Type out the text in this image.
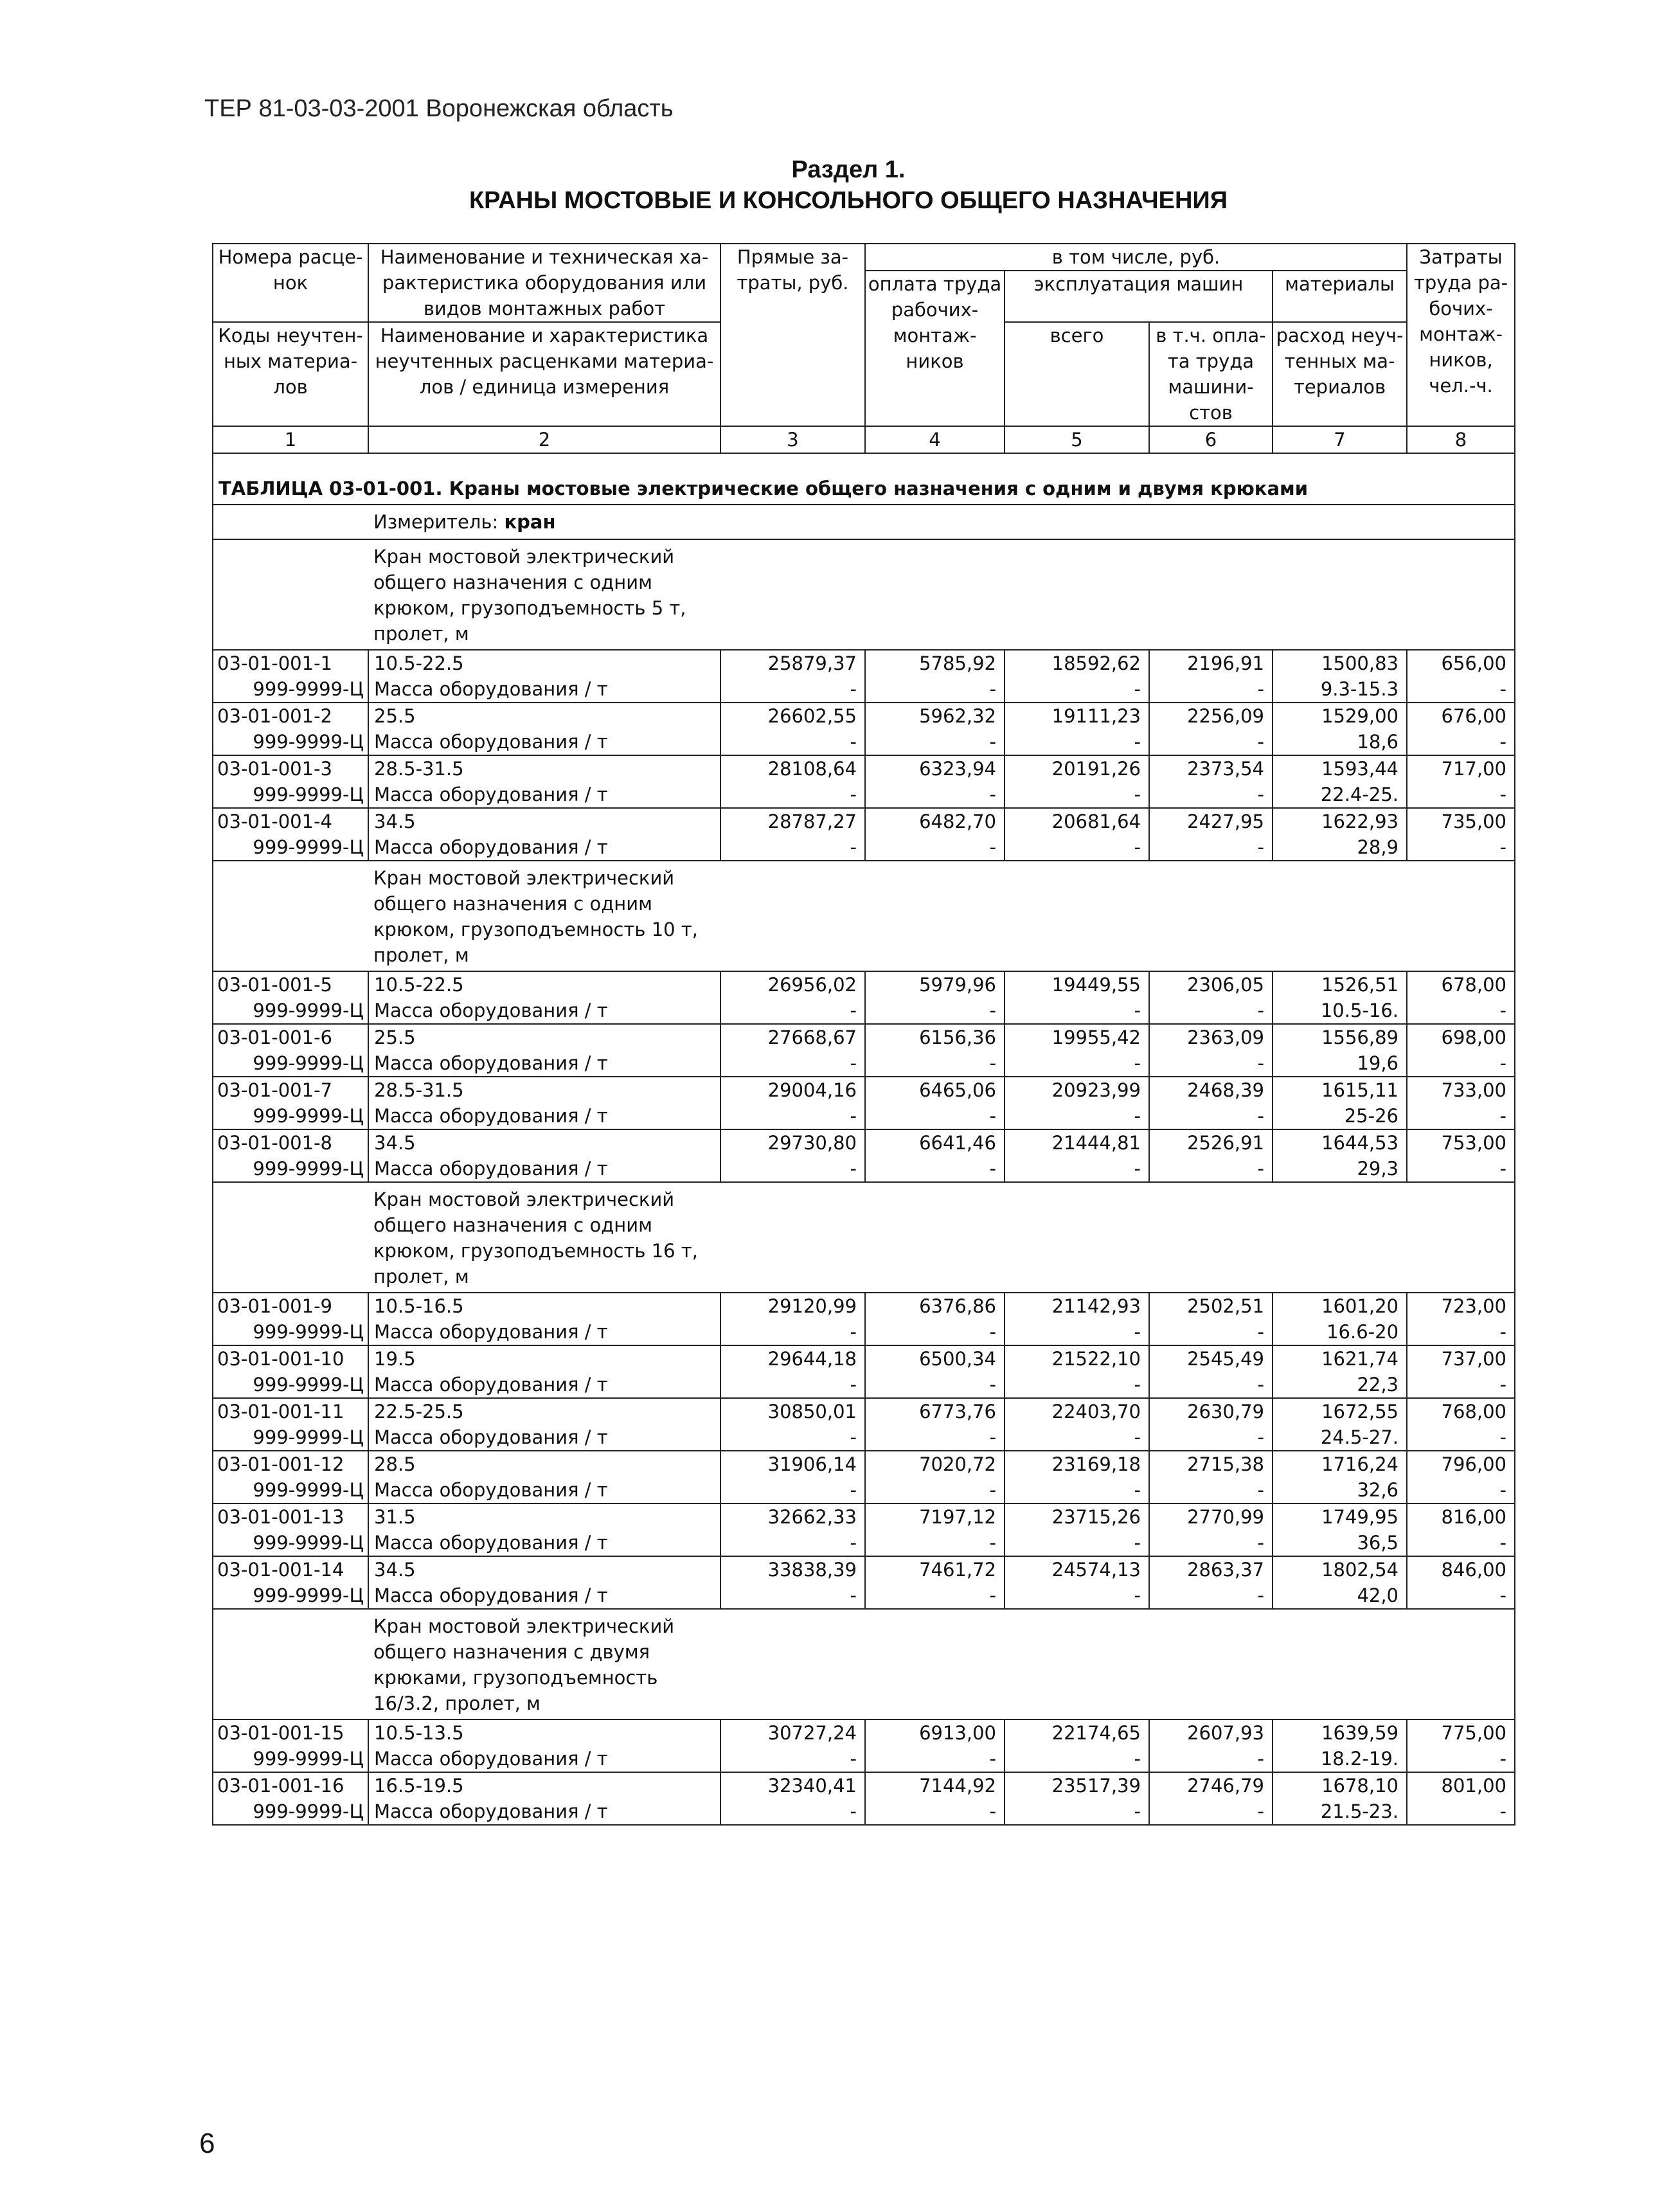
ТЕР 81-03-03-2001 Воронежская область
Раздел 1.
КРАНЫ МОСТОВЫЕ И КОНСОЛЬНОГО ОБЩЕГО НАЗНАЧЕНИЯ
Номера расце-нок	Наименование и техническая ха-рактеристика оборудования или видов монтажных работ	Прямые за-траты, руб.	в том числе, руб.				Затраты труда ра-бочих-монтаж-ников, чел.-ч.
			оплата труда рабочих-монтаж-ников	эксплуатация машин		материалы	
Коды неучтен-ных материа-лов	Наименование и характеристика неучтенных расценками материа-лов / единица измерения			всего	в т.ч. опла-та труда машини-стов	расход неуч-тенных ма-териалов	

1	2	3	4	5	6	7	8
ТАБЛИЦА 03-01-001. Краны мостовые электрические общего назначения с одним и двумя крюками							
	Измеритель: кран						
	Кран мостовой электрический общего назначения с одним крюком, грузоподъемность 5 т, пролет, м						
03-01-001-1	10.5-22.5	25879,37	5785,92	18592,62	2196,91	1500,83	656,00
999-9999-Ц	Масса оборудования / т	-	-	-	-	9.3-15.3	-
03-01-001-2	25.5	26602,55	5962,32	19111,23	2256,09	1529,00	676,00
999-9999-Ц	Масса оборудования / т	-	-	-	-	18,6	-
03-01-001-3	28.5-31.5	28108,64	6323,94	20191,26	2373,54	1593,44	717,00
999-9999-Ц	Масса оборудования / т	-	-	-	-	22.4-25.	-
03-01-001-4	34.5	28787,27	6482,70	20681,64	2427,95	1622,93	735,00
999-9999-Ц	Масса оборудования / т	-	-	-	-	28,9	-
	Кран мостовой электрический общего назначения с одним крюком, грузоподъемность 10 т, пролет, м						
03-01-001-5	10.5-22.5	26956,02	5979,96	19449,55	2306,05	1526,51	678,00
999-9999-Ц	Масса оборудования / т	-	-	-	-	10.5-16.	-
03-01-001-6	25.5	27668,67	6156,36	19955,42	2363,09	1556,89	698,00
999-9999-Ц	Масса оборудования / т	-	-	-	-	19,6	-
03-01-001-7	28.5-31.5	29004,16	6465,06	20923,99	2468,39	1615,11	733,00
999-9999-Ц	Масса оборудования / т	-	-	-	-	25-26	-
03-01-001-8	34.5	29730,80	6641,46	21444,81	2526,91	1644,53	753,00
999-9999-Ц	Масса оборудования / т	-	-	-	-	29,3	-
	Кран мостовой электрический общего назначения с одним крюком, грузоподъемность 16 т, пролет, м						
03-01-001-9	10.5-16.5	29120,99	6376,86	21142,93	2502,51	1601,20	723,00
999-9999-Ц	Масса оборудования / т	-	-	-	-	16.6-20	-
03-01-001-10	19.5	29644,18	6500,34	21522,10	2545,49	1621,74	737,00
999-9999-Ц	Масса оборудования / т	-	-	-	-	22,3	-
03-01-001-11	22.5-25.5	30850,01	6773,76	22403,70	2630,79	1672,55	768,00
999-9999-Ц	Масса оборудования / т	-	-	-	-	24.5-27.	-
03-01-001-12	28.5	31906,14	7020,72	23169,18	2715,38	1716,24	796,00
999-9999-Ц	Масса оборудования / т	-	-	-	-	32,6	-
03-01-001-13	31.5	32662,33	7197,12	23715,26	2770,99	1749,95	816,00
999-9999-Ц	Масса оборудования / т	-	-	-	-	36,5	-
03-01-001-14	34.5	33838,39	7461,72	24574,13	2863,37	1802,54	846,00
999-9999-Ц	Масса оборудования / т	-	-	-	-	42,0	-
	Кран мостовой электрический общего назначения с двумя крюками, грузоподъемность 16/3.2, пролет, м						
03-01-001-15	10.5-13.5	30727,24	6913,00	22174,65	2607,93	1639,59	775,00
999-9999-Ц	Масса оборудования / т	-	-	-	-	18.2-19.	-
03-01-001-16	16.5-19.5	32340,41	7144,92	23517,39	2746,79	1678,10	801,00
999-9999-Ц	Масса оборудования / т	-	-	-	-	21.5-23.	-
6
